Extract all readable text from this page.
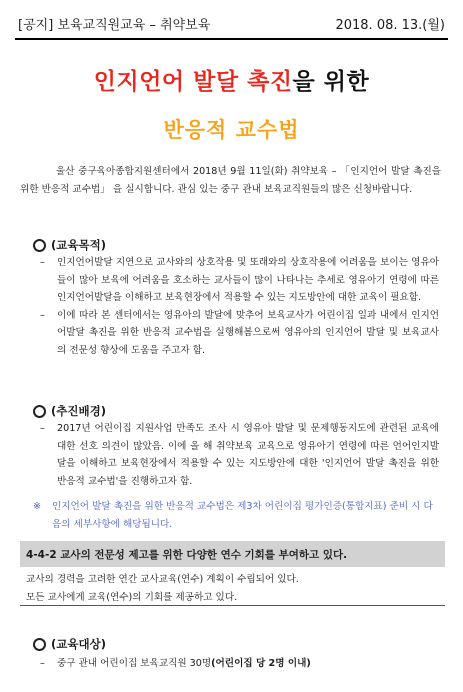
[공지] 보육교직원교육 – 취약보육	2018. 08. 13.(월)
인지언어 발달 촉진을 위한
반응적 교수법
울산 중구육아종합지원센터에서 2018년 9월 11일(화) 취약보육 – 「인지언어 발달 촉진을 위한 반응적 교수법」 을 실시합니다. 관심 있는 중구 관내 보육교직원들의 많은 신청바랍니다.
(교육목적)
– 인지언어발달 지연으로 교사와의 상호작용 및 또래와의 상호작용에 어려움을 보이는 영유아들이 많아 보육에 어려움을 호소하는 교사들이 많이 나타나는 추세로 영유아기 연령에 따른 인지언어발달을 이해하고 보육현장에서 적용할 수 있는 지도방안에 대한 교육이 필요함.
– 이에 따라 본 센터에서는 영유아의 발달에 맞추어 보육교사가 어린이집 일과 내에서 인지언어발달 촉진을 위한 반응적 교수법을 실행해봄으로써 영유아의 인지언어 발달 및 보육교사의 전문성 향상에 도움을 주고자 함.
(추진배경)
– 2017년 어린이집 지원사업 만족도 조사 시 영유아 발달 및 문제행동지도에 관련된 교육에 대한 선호 의견이 많았음. 이에 올 해 취약보육 교육으로 영유아기 연령에 따른 언어인지발달을 이해하고 보육현장에서 적용할 수 있는 지도방안에 대한 '인지언어 발달 촉진을 위한 반응적 교수법'을 진행하고자 함.
※	인지언어 발달 촉진을 위한 반응적 교수법은 제3차 어린이집 평가인증(통합지표) 준비 시 다음의 세부사항에 해당됩니다.
4-4-2 교사의 전문성 제고를 위한 다양한 연수 기회를 부여하고 있다.
교사의 경력을 고려한 연간 교사교육(연수) 계획이 수립되어 있다.
모든 교사에게 교육(연수)의 기회를 제공하고 있다.
(교육대상)
– 중구 관내 어린이집 보육교직원 30명(어린이집 당 2명 이내)
